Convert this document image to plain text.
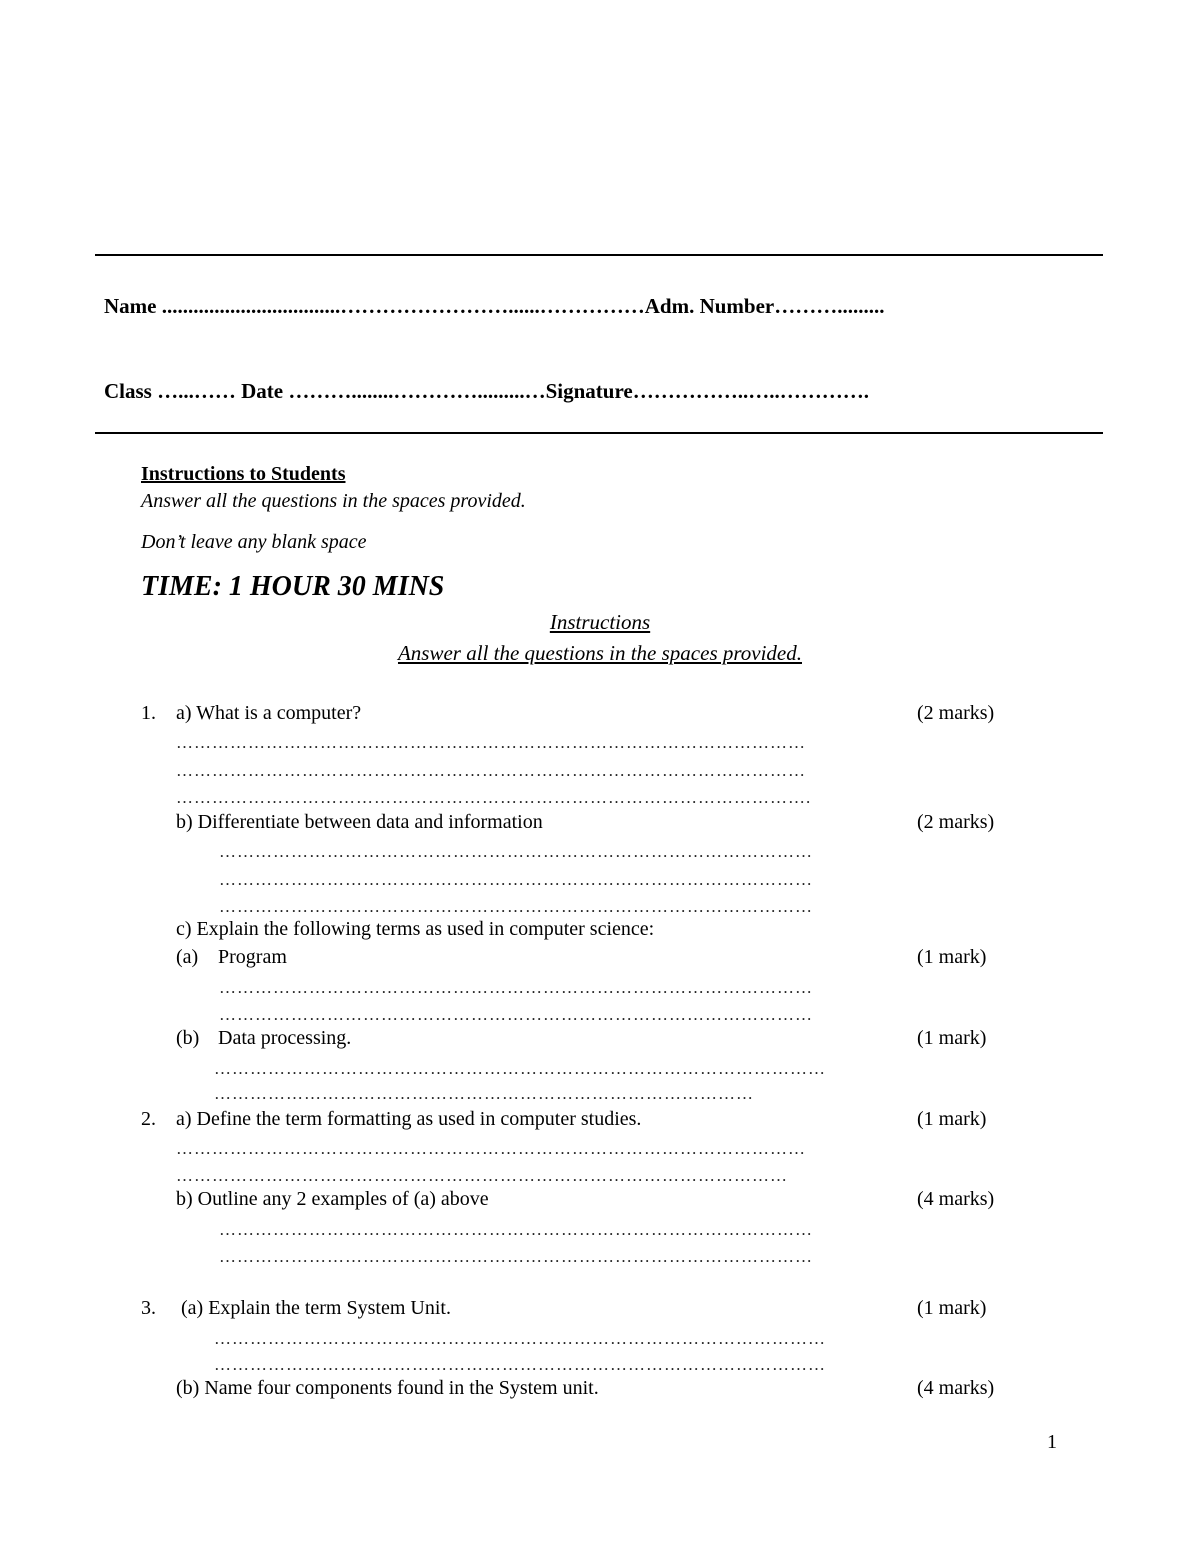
Name ..................................……………………......……………Adm. Number……….........
Class …...…… Date ………........………….........…Signature……………..…..………….
Instructions to Students
Answer all the questions in the spaces provided.
Don’t leave any blank space
TIME: 1 HOUR 30 MINS
Instructions
Answer all the questions in the spaces provided.
1. a) What is a computer?	(2 marks)
……………………………………………………………………………………………
……………………………………………………………………………………………
…………………………………………………………………………………………….
b) Differentiate between data and information	(2 marks)
………………………………………………………………………………………
………………………………………………………………………………………
………………………………………………………………………………………
c) Explain the following terms as used in computer science:
(a) Program	(1 mark)
………………………………………………………………………………………
………………………………………………………………………………………
(b) Data processing.	(1 mark)
…………………………………………………………………………………………
………………………………………………………………………………
2. a) Define the term formatting as used in computer studies.	(1 mark)
……………………………………………………………………………………………
…………………………………………………………………………………………
b) Outline any 2 examples of (a) above	(4 marks)
………………………………………………………………………………………
………………………………………………………………………………………
3. (a) Explain the term System Unit.	(1 mark)
…………………………………………………………………………………………
…………………………………………………………………………………………
(b) Name four components found in the System unit.	(4 marks)
1
